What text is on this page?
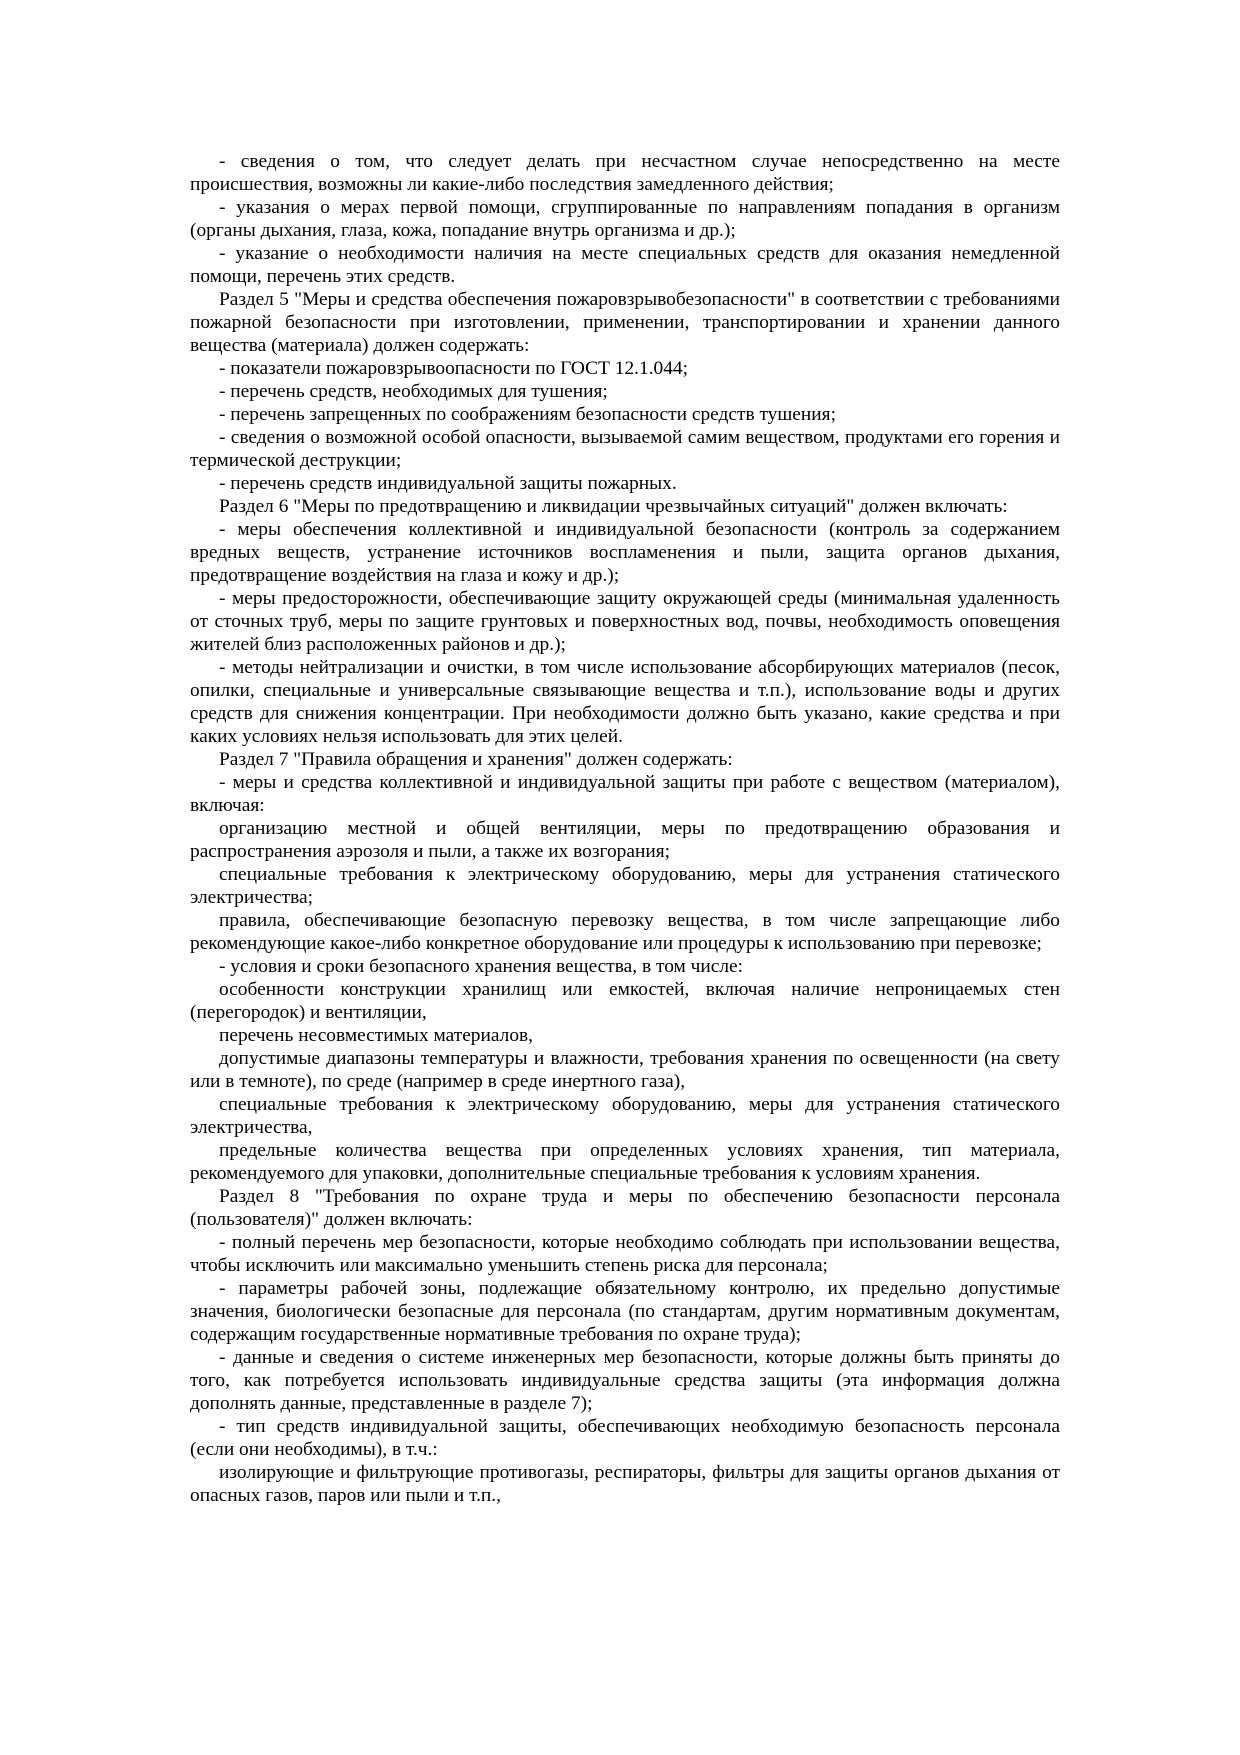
- сведения о том, что следует делать при несчастном случае непосредственно на месте происшествия, возможны ли какие-либо последствия замедленного действия;

- указания о мерах первой помощи, сгруппированные по направлениям попадания в организм (органы дыхания, глаза, кожа, попадание внутрь организма и др.);

- указание о необходимости наличия на месте специальных средств для оказания немедленной помощи, перечень этих средств.

Раздел 5 "Меры и средства обеспечения пожаровзрывобезопасности" в соответствии с требованиями пожарной безопасности при изготовлении, применении, транспортировании и хранении данного вещества (материала) должен содержать:

- показатели пожаровзрывоопасности по ГОСТ 12.1.044;

- перечень средств, необходимых для тушения;

- перечень запрещенных по соображениям безопасности средств тушения;

- сведения о возможной особой опасности, вызываемой самим веществом, продуктами его горения и термической деструкции;

- перечень средств индивидуальной защиты пожарных.

Раздел 6 "Меры по предотвращению и ликвидации чрезвычайных ситуаций" должен включать:

- меры обеспечения коллективной и индивидуальной безопасности (контроль за содержанием вредных веществ, устранение источников воспламенения и пыли, защита органов дыхания, предотвращение воздействия на глаза и кожу и др.);

- меры предосторожности, обеспечивающие защиту окружающей среды (минимальная удаленность от сточных труб, меры по защите грунтовых и поверхностных вод, почвы, необходимость оповещения жителей близ расположенных районов и др.);

- методы нейтрализации и очистки, в том числе использование абсорбирующих материалов (песок, опилки, специальные и универсальные связывающие вещества и т.п.), использование воды и других средств для снижения концентрации. При необходимости должно быть указано, какие средства и при каких условиях нельзя использовать для этих целей.

Раздел 7 "Правила обращения и хранения" должен содержать:

- меры и средства коллективной и индивидуальной защиты при работе с веществом (материалом), включая:

организацию местной и общей вентиляции, меры по предотвращению образования и распространения аэрозоля и пыли, а также их возгорания;

специальные требования к электрическому оборудованию, меры для устранения статического электричества;

правила, обеспечивающие безопасную перевозку вещества, в том числе запрещающие либо рекомендующие какое-либо конкретное оборудование или процедуры к использованию при перевозке;

- условия и сроки безопасного хранения вещества, в том числе:

особенности конструкции хранилищ или емкостей, включая наличие непроницаемых стен (перегородок) и вентиляции,

перечень несовместимых материалов,

допустимые диапазоны температуры и влажности, требования хранения по освещенности (на свету или в темноте), по среде (например в среде инертного газа),

специальные требования к электрическому оборудованию, меры для устранения статического электричества,

предельные количества вещества при определенных условиях хранения, тип материала, рекомендуемого для упаковки, дополнительные специальные требования к условиям хранения.

Раздел 8 "Требования по охране труда и меры по обеспечению безопасности персонала (пользователя)" должен включать:

- полный перечень мер безопасности, которые необходимо соблюдать при использовании вещества, чтобы исключить или максимально уменьшить степень риска для персонала;

- параметры рабочей зоны, подлежащие обязательному контролю, их предельно допустимые значения, биологически безопасные для персонала (по стандартам, другим нормативным документам, содержащим государственные нормативные требования по охране труда);

- данные и сведения о системе инженерных мер безопасности, которые должны быть приняты до того, как потребуется использовать индивидуальные средства защиты (эта информация должна дополнять данные, представленные в разделе 7);

- тип средств индивидуальной защиты, обеспечивающих необходимую безопасность персонала (если они необходимы), в т.ч.:

изолирующие и фильтрующие противогазы, респираторы, фильтры для защиты органов дыхания от опасных газов, паров или пыли и т.п.,
